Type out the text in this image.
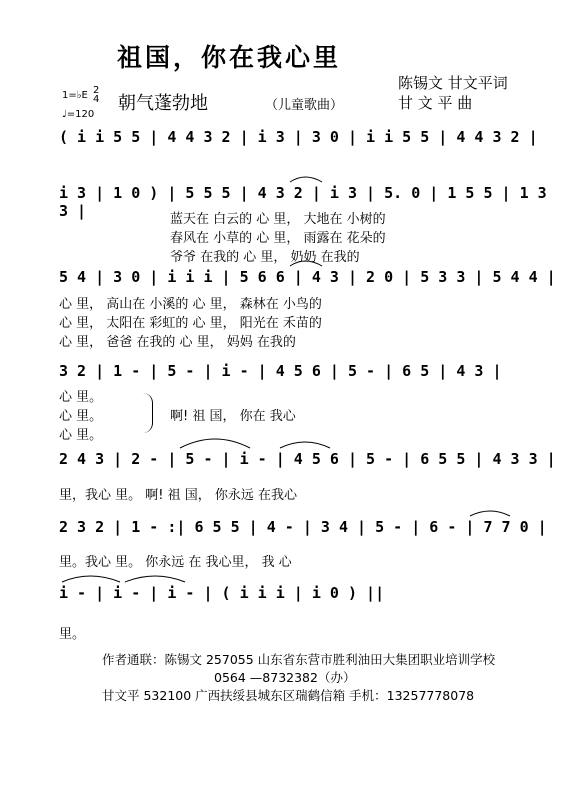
祖国，你在我心里
陈锡文 甘文平词
甘 文 平 曲
1=♭E 2
4
♩=120
朝气蓬勃地	（儿童歌曲）
( i i 5 5 | 4 4 3 2 | i 3 | 3 0 | i i 5 5 | 4 4 3 2 |
i 3 | 1 0 ) | 5 5 5 | 4 3 2 | i 3 | 5. 0 | 1 5 5 | 1 3 3 |	蓝天在 白云的 心 里， 大地在 小树的
春风在 小草的 心 里， 雨露在 花朵的
爷爷 在我的 心 里， 奶奶 在我的
5 4 | 3 0 | i i i | 5 6 6 | 4 3 | 2 0 | 5 3 3 | 5 4 4 |
心 里， 高山在 小溪的 心 里， 森林在 小鸟的
心 里， 太阳在 彩虹的 心 里， 阳光在 禾苗的
心 里， 爸爸 在我的 心 里， 妈妈 在我的
3 2 | 1 - | 5 - | i - | 4 5 6 | 5 - | 6 5 | 4 3 |
心 里。
心 里。
心 里。
啊! 祖 国， 你在 我心
2 4 3 | 2 - | 5 - | i - | 4 5 6 | 5 - | 6 5 5 | 4 3 3 |
里，我心 里。 啊! 祖 国， 你永远 在我心
2 3 2 | 1 - :| 6 5 5 | 4 - | 3 4 | 5 - | 6 - | 7 7 0 |
里。我心 里。 你永远 在 我心里， 我 心
i - | i - | i - | ( i i i | i 0 ) ||
里。
作者通联：陈锡文 257055 山东省东营市胜利油田大集团职业培训学校
0564 —8732382（办）
甘文平 532100 广西扶绥县城东区瑞鹤信箱 手机：13257778078
